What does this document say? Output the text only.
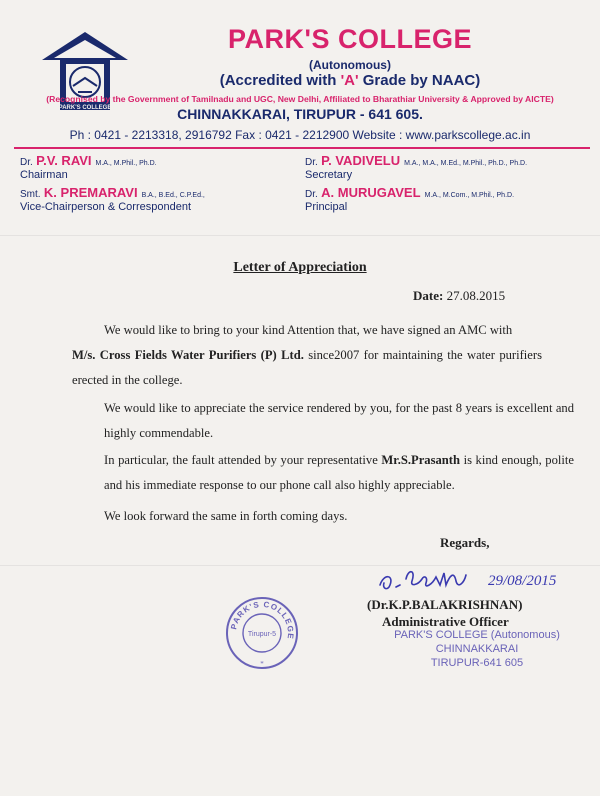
PARK'S COLLEGE
PARK'S COLLEGE
(Autonomous)
(Accredited with 'A' Grade by NAAC)
(Recognised by the Government of Tamilnadu and UGC, New Delhi, Affiliated to Bharathiar University & Approved by AICTE)
CHINNAKKARAI, TIRUPUR - 641 605.
Ph : 0421 - 2213318, 2916792 Fax : 0421 - 2212900 Website : www.parkscollege.ac.in
Dr. P.V. RAVI M.A., M.Phil., Ph.D.
Chairman
Dr. P. VADIVELU M.A., M.A., M.Ed., M.Phil., Ph.D., Ph.D.
Secretary
Smt. K. PREMARAVI B.A., B.Ed., C.P.Ed.,
Vice-Chairperson & Correspondent
Dr. A. MURUGAVEL M.A., M.Com., M.Phil., Ph.D.
Principal
Letter of Appreciation
Date: 27.08.2015
We would like to bring to your kind Attention that, we have signed an AMC with
M/s. Cross Fields Water Purifiers (P) Ltd. since2007 for maintaining the water purifiers erected in the college.
We would like to appreciate the service rendered by you, for the past 8 years is excellent and highly commendable.
In particular, the fault attended by your representative Mr.S.Prasanth is kind enough, polite and his immediate response to our phone call also highly appreciable.
We look forward the same in forth coming days.
Regards,
29/08/2015
(Dr.K.P.BALAKRISHNAN)
Administrative Officer
PARK'S COLLEGE (Autonomous)
CHINNAKKARAI
TIRUPUR-641 605
PARK'S COLLEGE
Tirupur-5
*
